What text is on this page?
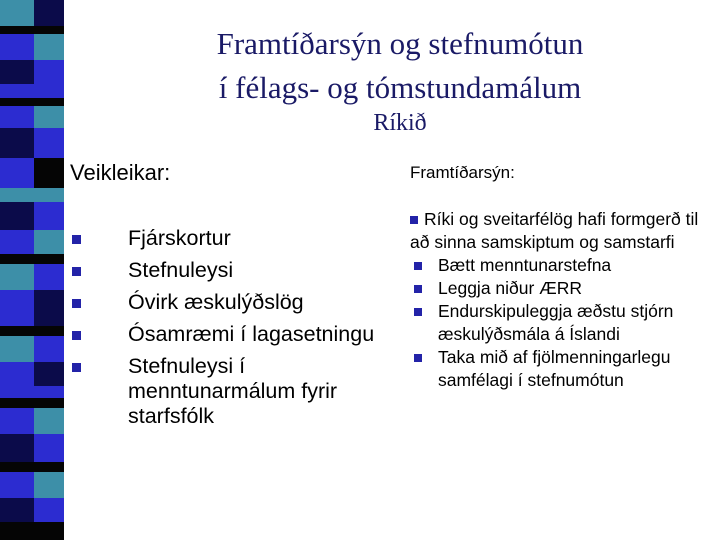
Framtíðarsýn og stefnumótun
í félags- og tómstundamálum
Ríkið
Veikleikar:
Fjárskortur
Stefnuleysi
Óvirk æskulýðslög
Ósamræmi í lagasetningu
Stefnuleysi í menntunarmálum fyrir starfsfólk
Framtíðarsýn:

Ríki og sveitarfélög hafi formgerð til að sinna samskiptum og samstarfi

Bætt menntunarstefna
Leggja niður ÆRR
Endurskipuleggja æðstu stjórn æskulýðsmála á Íslandi
Taka mið af fjölmenningarlegu samfélagi í stefnumótun
